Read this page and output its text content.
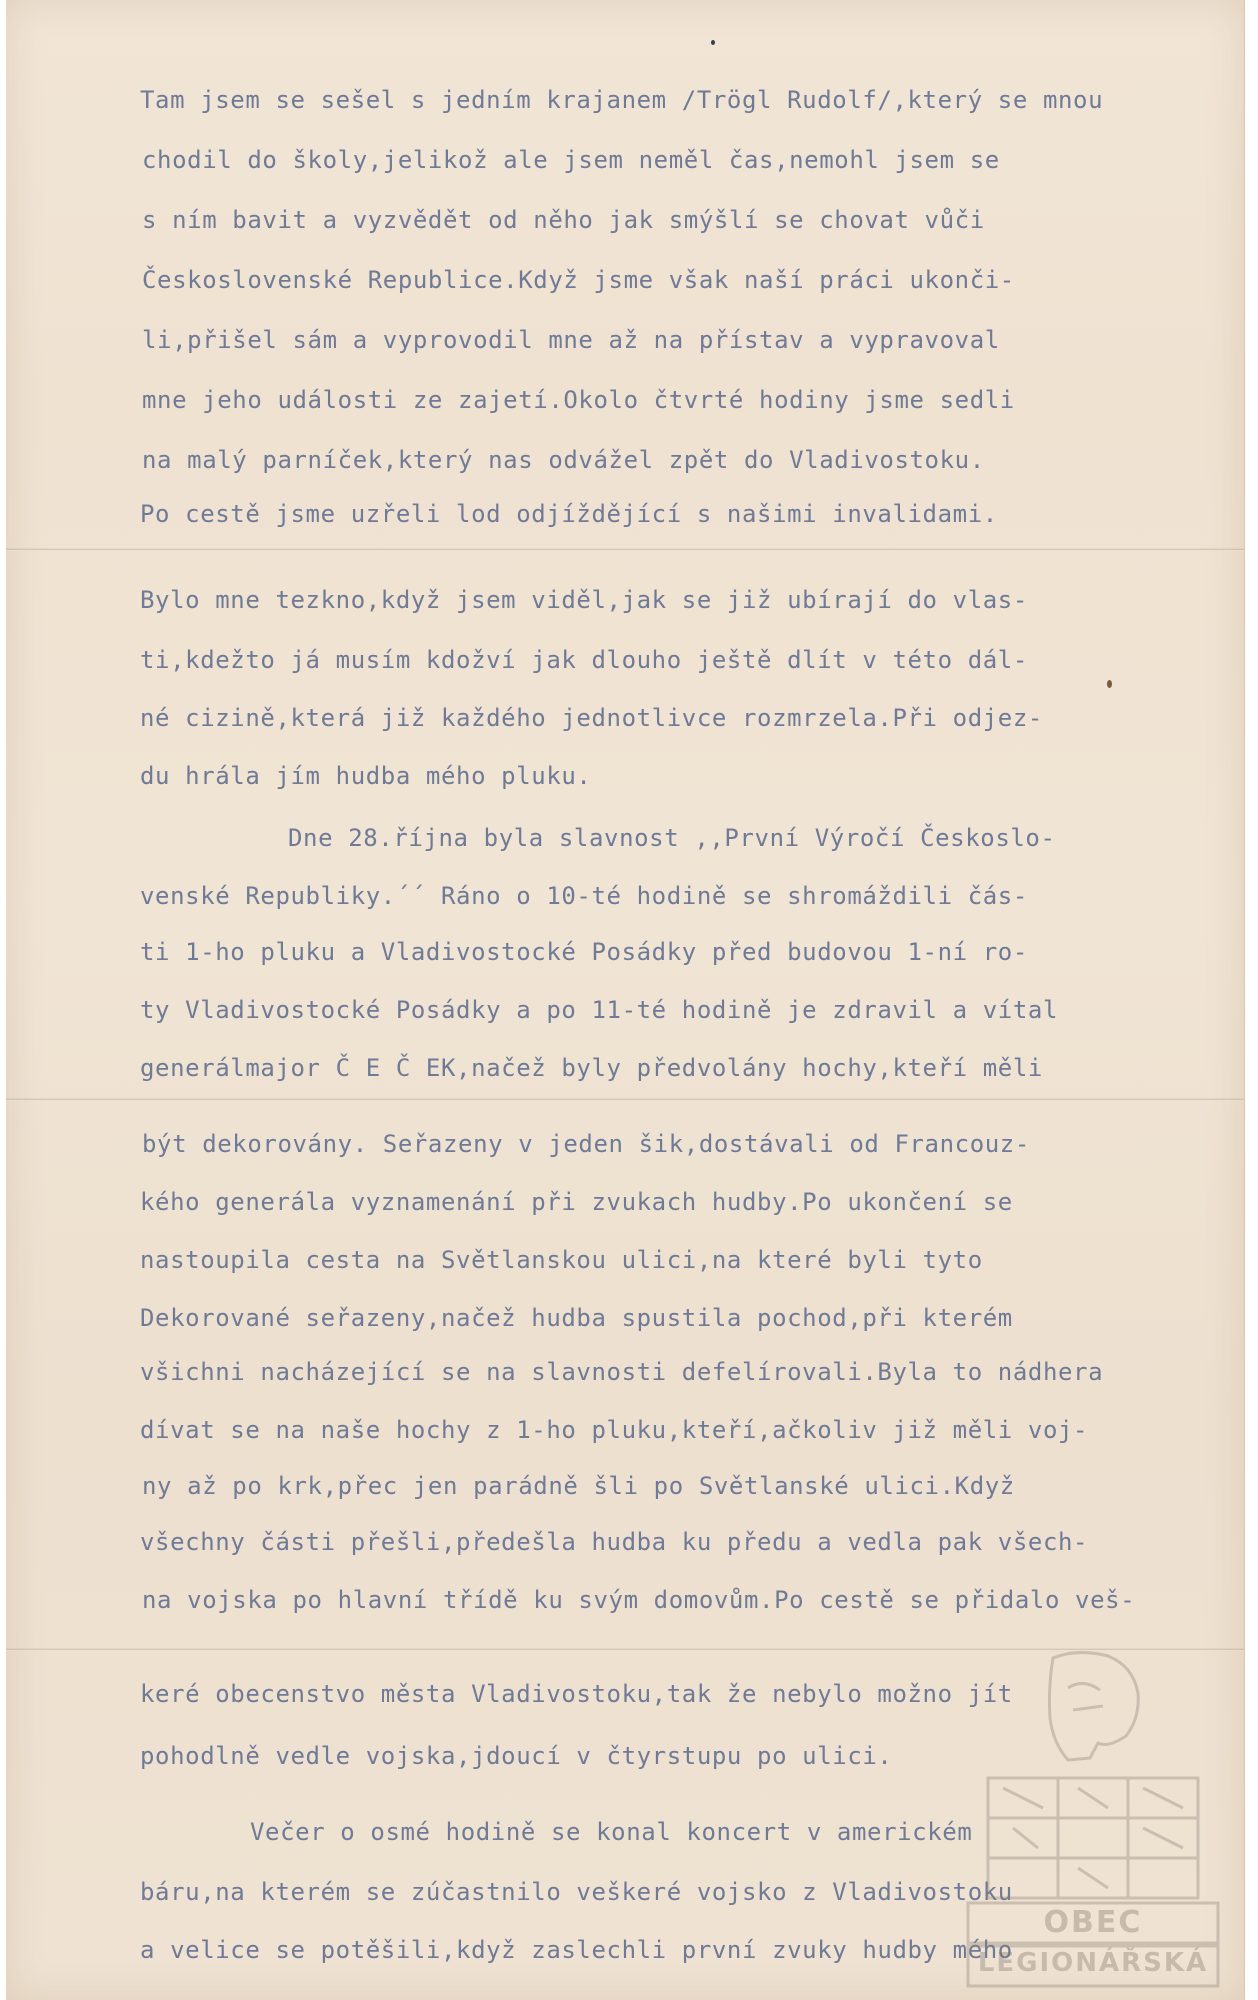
Tam jsem se sešel s jedním krajanem /Trögl Rudolf/,který se mnou

chodil do školy,jelikož ale jsem neměl čas,nemohl jsem se

s ním bavit a vyzvědět od něho jak smýšlí se chovat vůči

Československé Republice.Když jsme však naší práci ukonči-

li,přišel sám a vyprovodil mne až na přístav a vypravoval

mne jeho události ze zajetí.Okolo čtvrté hodiny jsme sedli

na malý parníček,který nas odvážel zpět do Vladivostoku.

Po cestě jsme uzřeli lod odjíždějící s našimi invalidami.

Bylo mne tezkno,když jsem viděl,jak se již ubírají do vlas-

ti,kdežto já musím kdožví jak dlouho ještě dlít v této dál-

né cizině,která již každého jednotlivce rozmrzela.Při odjez-

du hrála jím hudba mého pluku.

Dne 28.října byla slavnost ,,První Výročí Českoslo-

venské Republiky.´´ Ráno o 10-té hodině se shromáždili čás-

ti 1-ho pluku a Vladivostocké Posádky před budovou 1-ní ro-

ty Vladivostocké Posádky a po 11-té hodině je zdravil a vítal

generálmajor Č E Č EK,načež byly předvolány hochy,kteří měli

být dekorovány. Seřazeny v jeden šik,dostávali od Francouz-

kého generála vyznamenání při zvukach hudby.Po ukončení se

nastoupila cesta na Světlanskou ulici,na které byli tyto

Dekorované seřazeny,načež hudba spustila pochod,při kterém

všichni nacházející se na slavnosti defelírovali.Byla to nádhera

dívat se na naše hochy z 1-ho pluku,kteří,ačkoliv již měli voj-

ny až po krk,přec jen parádně šli po Světlanské ulici.Když

všechny části přešli,předešla hudba ku předu a vedla pak všech-

na vojska po hlavní třídě ku svým domovům.Po cestě se přidalo veš-

keré obecenstvo města Vladivostoku,tak že nebylo možno jít

pohodlně vedle vojska,jdoucí v čtyrstupu po ulici.

Večer o osmé hodině se konal koncert v americkém

báru,na kterém se zúčastnilo veškeré vojsko z Vladivostoku

a velice se potěšili,když zaslechli první zvuky hudby mého

OBEC
LEGIONÁŘSKÁ
